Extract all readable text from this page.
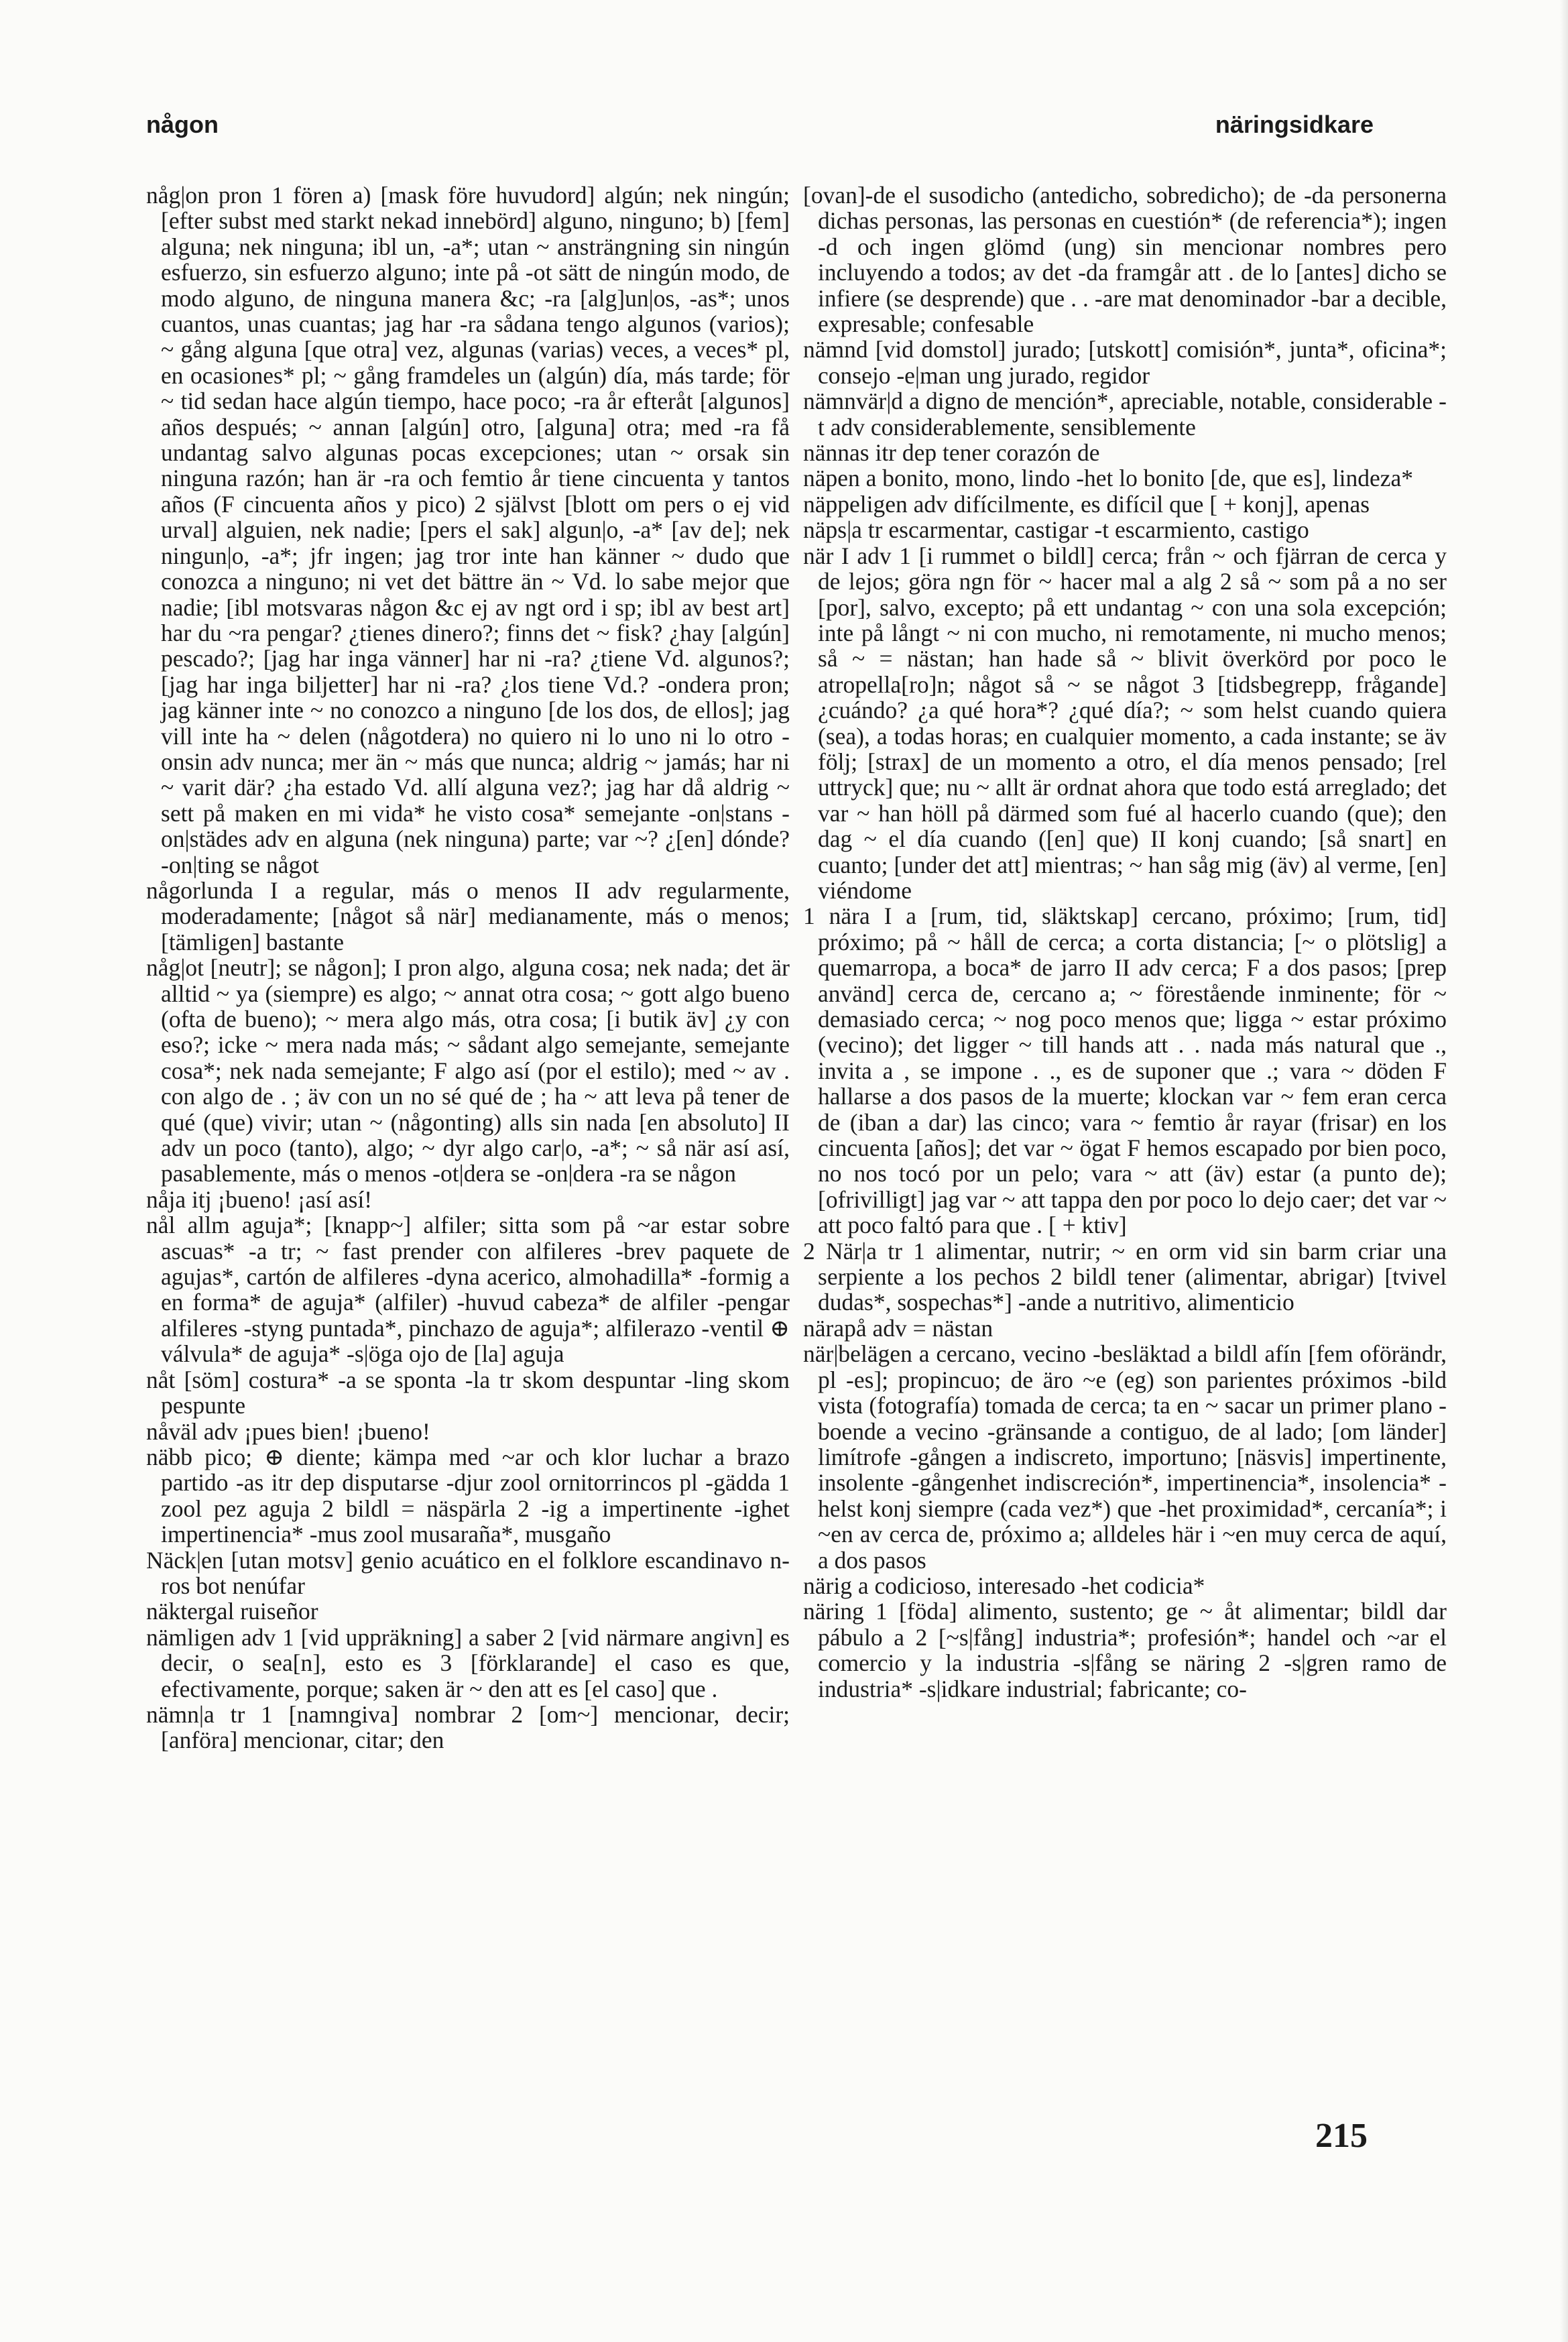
någon	näringsidkare

någ|on pron 1 fören a) [mask före huvudord] algún; nek ningún; [efter subst med starkt nekad innebörd] alguno, ninguno; b) [fem] alguna; nek ninguna; ibl un, -a*; utan ~ ansträngning sin ningún esfuerzo, sin esfuerzo alguno; inte på -ot sätt de ningún modo, de modo alguno, de ninguna manera &c; -ra [alg]un|os, -as*; unos cuantos, unas cuantas; jag har -ra sådana tengo algunos (varios); ~ gång alguna [que otra] vez, algunas (varias) veces, a veces* pl, en ocasiones* pl; ~ gång framdeles un (algún) día, más tarde; för ~ tid sedan hace algún tiempo, hace poco; -ra år efteråt [algunos] años después; ~ annan [algún] otro, [alguna] otra; med -ra få undantag salvo algunas pocas excepciones; utan ~ orsak sin ninguna razón; han är -ra och femtio år tiene cincuenta y tantos años (F cincuenta años y pico) 2 självst [blott om pers o ej vid urval] alguien, nek nadie; [pers el sak] algun|o, -a* [av de]; nek ningun|o, -a*; jfr ingen; jag tror inte han känner ~ dudo que conozca a ninguno; ni vet det bättre än ~ Vd. lo sabe mejor que nadie; [ibl motsvaras någon &c ej av ngt ord i sp; ibl av best art] har du ~ra pengar? ¿tienes dinero?; finns det ~ fisk? ¿hay [algún] pescado?; [jag har inga vänner] har ni -ra? ¿tiene Vd. algunos?; [jag har inga biljetter] har ni -ra? ¿los tiene Vd.? -ondera pron; jag känner inte ~ no conozco a ninguno [de los dos, de ellos]; jag vill inte ha ~ delen (någotdera) no quiero ni lo uno ni lo otro -onsin adv nunca; mer än ~ más que nunca; aldrig ~ jamás; har ni ~ varit där? ¿ha estado Vd. allí alguna vez?; jag har då aldrig ~ sett på maken en mi vida* he visto cosa* semejante -on|stans -on|städes adv en alguna (nek ninguna) parte; var ~? ¿[en] dónde? -on|ting se något

någorlunda I a regular, más o menos II adv regularmente, moderadamente; [något så när] medianamente, más o menos; [tämligen] bastante

någ|ot [neutr]; se någon]; I pron algo, alguna cosa; nek nada; det är alltid ~ ya (siempre) es algo; ~ annat otra cosa; ~ gott algo bueno (ofta de bueno); ~ mera algo más, otra cosa; [i butik äv] ¿y con eso?; icke ~ mera nada más; ~ sådant algo semejante, semejante cosa*; nek nada semejante; F algo así (por el estilo); med ~ av . con algo de . ; äv con un no sé qué de ; ha ~ att leva på tener de qué (que) vivir; utan ~ (någonting) alls sin nada [en absoluto] II adv un poco (tanto), algo; ~ dyr algo car|o, -a*; ~ så när así así, pasablemente, más o menos -ot|dera se -on|dera -ra se någon

nåja itj ¡bueno! ¡así así!

nål allm aguja*; [knapp~] alfiler; sitta som på ~ar estar sobre ascuas* -a tr; ~ fast prender con alfileres -brev paquete de agujas*, cartón de alfileres -dyna acerico, almohadilla* -formig a en forma* de aguja* (alfiler) -huvud cabeza* de alfiler -pengar alfileres -styng puntada*, pinchazo de aguja*; alfilerazo -ventil ⊕ válvula* de aguja* -s|öga ojo de [la] aguja

nåt [söm] costura* -a se sponta -la tr skom despuntar -ling skom pespunte

nåväl adv ¡pues bien! ¡bueno!

näbb pico; ⊕ diente; kämpa med ~ar och klor luchar a brazo partido -as itr dep disputarse -djur zool ornitorrincos pl -gädda 1 zool pez aguja 2 bildl = näspärla 2 -ig a impertinente -ighet impertinencia* -mus zool musaraña*, musgaño

Näck|en [utan motsv] genio acuático en el folklore escandinavo n-ros bot nenúfar

näktergal ruiseñor

nämligen adv 1 [vid uppräkning] a saber 2 [vid närmare angivn] es decir, o sea[n], esto es 3 [förklarande] el caso es que, efectivamente, porque; saken är ~ den att es [el caso] que .

nämn|a tr 1 [namngiva] nombrar 2 [om~] mencionar, decir; [anföra] mencionar, citar; den

[ovan]-de el susodicho (antedicho, sobredicho); de -da personerna dichas personas, las personas en cuestión* (de referencia*); ingen -d och ingen glömd (ung) sin mencionar nombres pero incluyendo a todos; av det -da framgår att . de lo [antes] dicho se infiere (se desprende) que . . -are mat denominador -bar a decible, expresable; confesable

nämnd [vid domstol] jurado; [utskott] comisión*, junta*, oficina*; consejo -e|man ung jurado, regidor

nämnvär|d a digno de mención*, apreciable, notable, considerable -t adv considerablemente, sensiblemente

nännas itr dep tener corazón de

näpen a bonito, mono, lindo -het lo bonito [de, que es], lindeza*

näppeligen adv difícilmente, es difícil que [ + konj], apenas

näps|a tr escarmentar, castigar -t escarmiento, castigo

när I adv 1 [i rummet o bildl] cerca; från ~ och fjärran de cerca y de lejos; göra ngn för ~ hacer mal a alg 2 så ~ som på a no ser [por], salvo, excepto; på ett undantag ~ con una sola excepción; inte på långt ~ ni con mucho, ni remotamente, ni mucho menos; så ~ = nästan; han hade så ~ blivit överkörd por poco le atropella[ro]n; något så ~ se något 3 [tidsbegrepp, frågande] ¿cuándo? ¿a qué hora*? ¿qué día?; ~ som helst cuando quiera (sea), a todas horas; en cualquier momento, a cada instante; se äv följ; [strax] de un momento a otro, el día menos pensado; [rel uttryck] que; nu ~ allt är ordnat ahora que todo está arreglado; det var ~ han höll på därmed som fué al hacerlo cuando (que); den dag ~ el día cuando ([en] que) II konj cuando; [så snart] en cuanto; [under det att] mientras; ~ han såg mig (äv) al verme, [en] viéndome

1 nära I a [rum, tid, släktskap] cercano, próximo; [rum, tid] próximo; på ~ håll de cerca; a corta distancia; [~ o plötslig] a quemarropa, a boca* de jarro II adv cerca; F a dos pasos; [prep använd] cerca de, cercano a; ~ förestående inminente; för ~ demasiado cerca; ~ nog poco menos que; ligga ~ estar próximo (vecino); det ligger ~ till hands att . . nada más natural que ., invita a , se impone . ., es de suponer que .; vara ~ döden F hallarse a dos pasos de la muerte; klockan var ~ fem eran cerca de (iban a dar) las cinco; vara ~ femtio år rayar (frisar) en los cincuenta [años]; det var ~ ögat F hemos escapado por bien poco, no nos tocó por un pelo; vara ~ att (äv) estar (a punto de); [ofrivilligt] jag var ~ att tappa den por poco lo dejo caer; det var ~ att poco faltó para que . [ + ktiv]

2 När|a tr 1 alimentar, nutrir; ~ en orm vid sin barm criar una serpiente a los pechos 2 bildl tener (alimentar, abrigar) [tvivel dudas*, sospechas*] -ande a nutritivo, alimenticio

närapå adv = nästan

när|belägen a cercano, vecino -besläktad a bildl afín [fem oförändr, pl -es]; propincuo; de äro ~e (eg) son parientes próximos -bild vista (fotografía) tomada de cerca; ta en ~ sacar un primer plano -boende a vecino -gränsande a contiguo, de al lado; [om länder] limítrofe -gången a indiscreto, importuno; [näsvis] impertinente, insolente -gångenhet indiscreción*, impertinencia*, insolencia* -helst konj siempre (cada vez*) que -het proximidad*, cercanía*; i ~en av cerca de, próximo a; alldeles här i ~en muy cerca de aquí, a dos pasos

närig a codicioso, interesado -het codicia*

näring 1 [föda] alimento, sustento; ge ~ åt alimentar; bildl dar pábulo a 2 [~s|fång] industria*; profesión*; handel och ~ar el comercio y la industria -s|fång se näring 2 -s|gren ramo de industria* -s|idkare industrial; fabricante; co-

215
